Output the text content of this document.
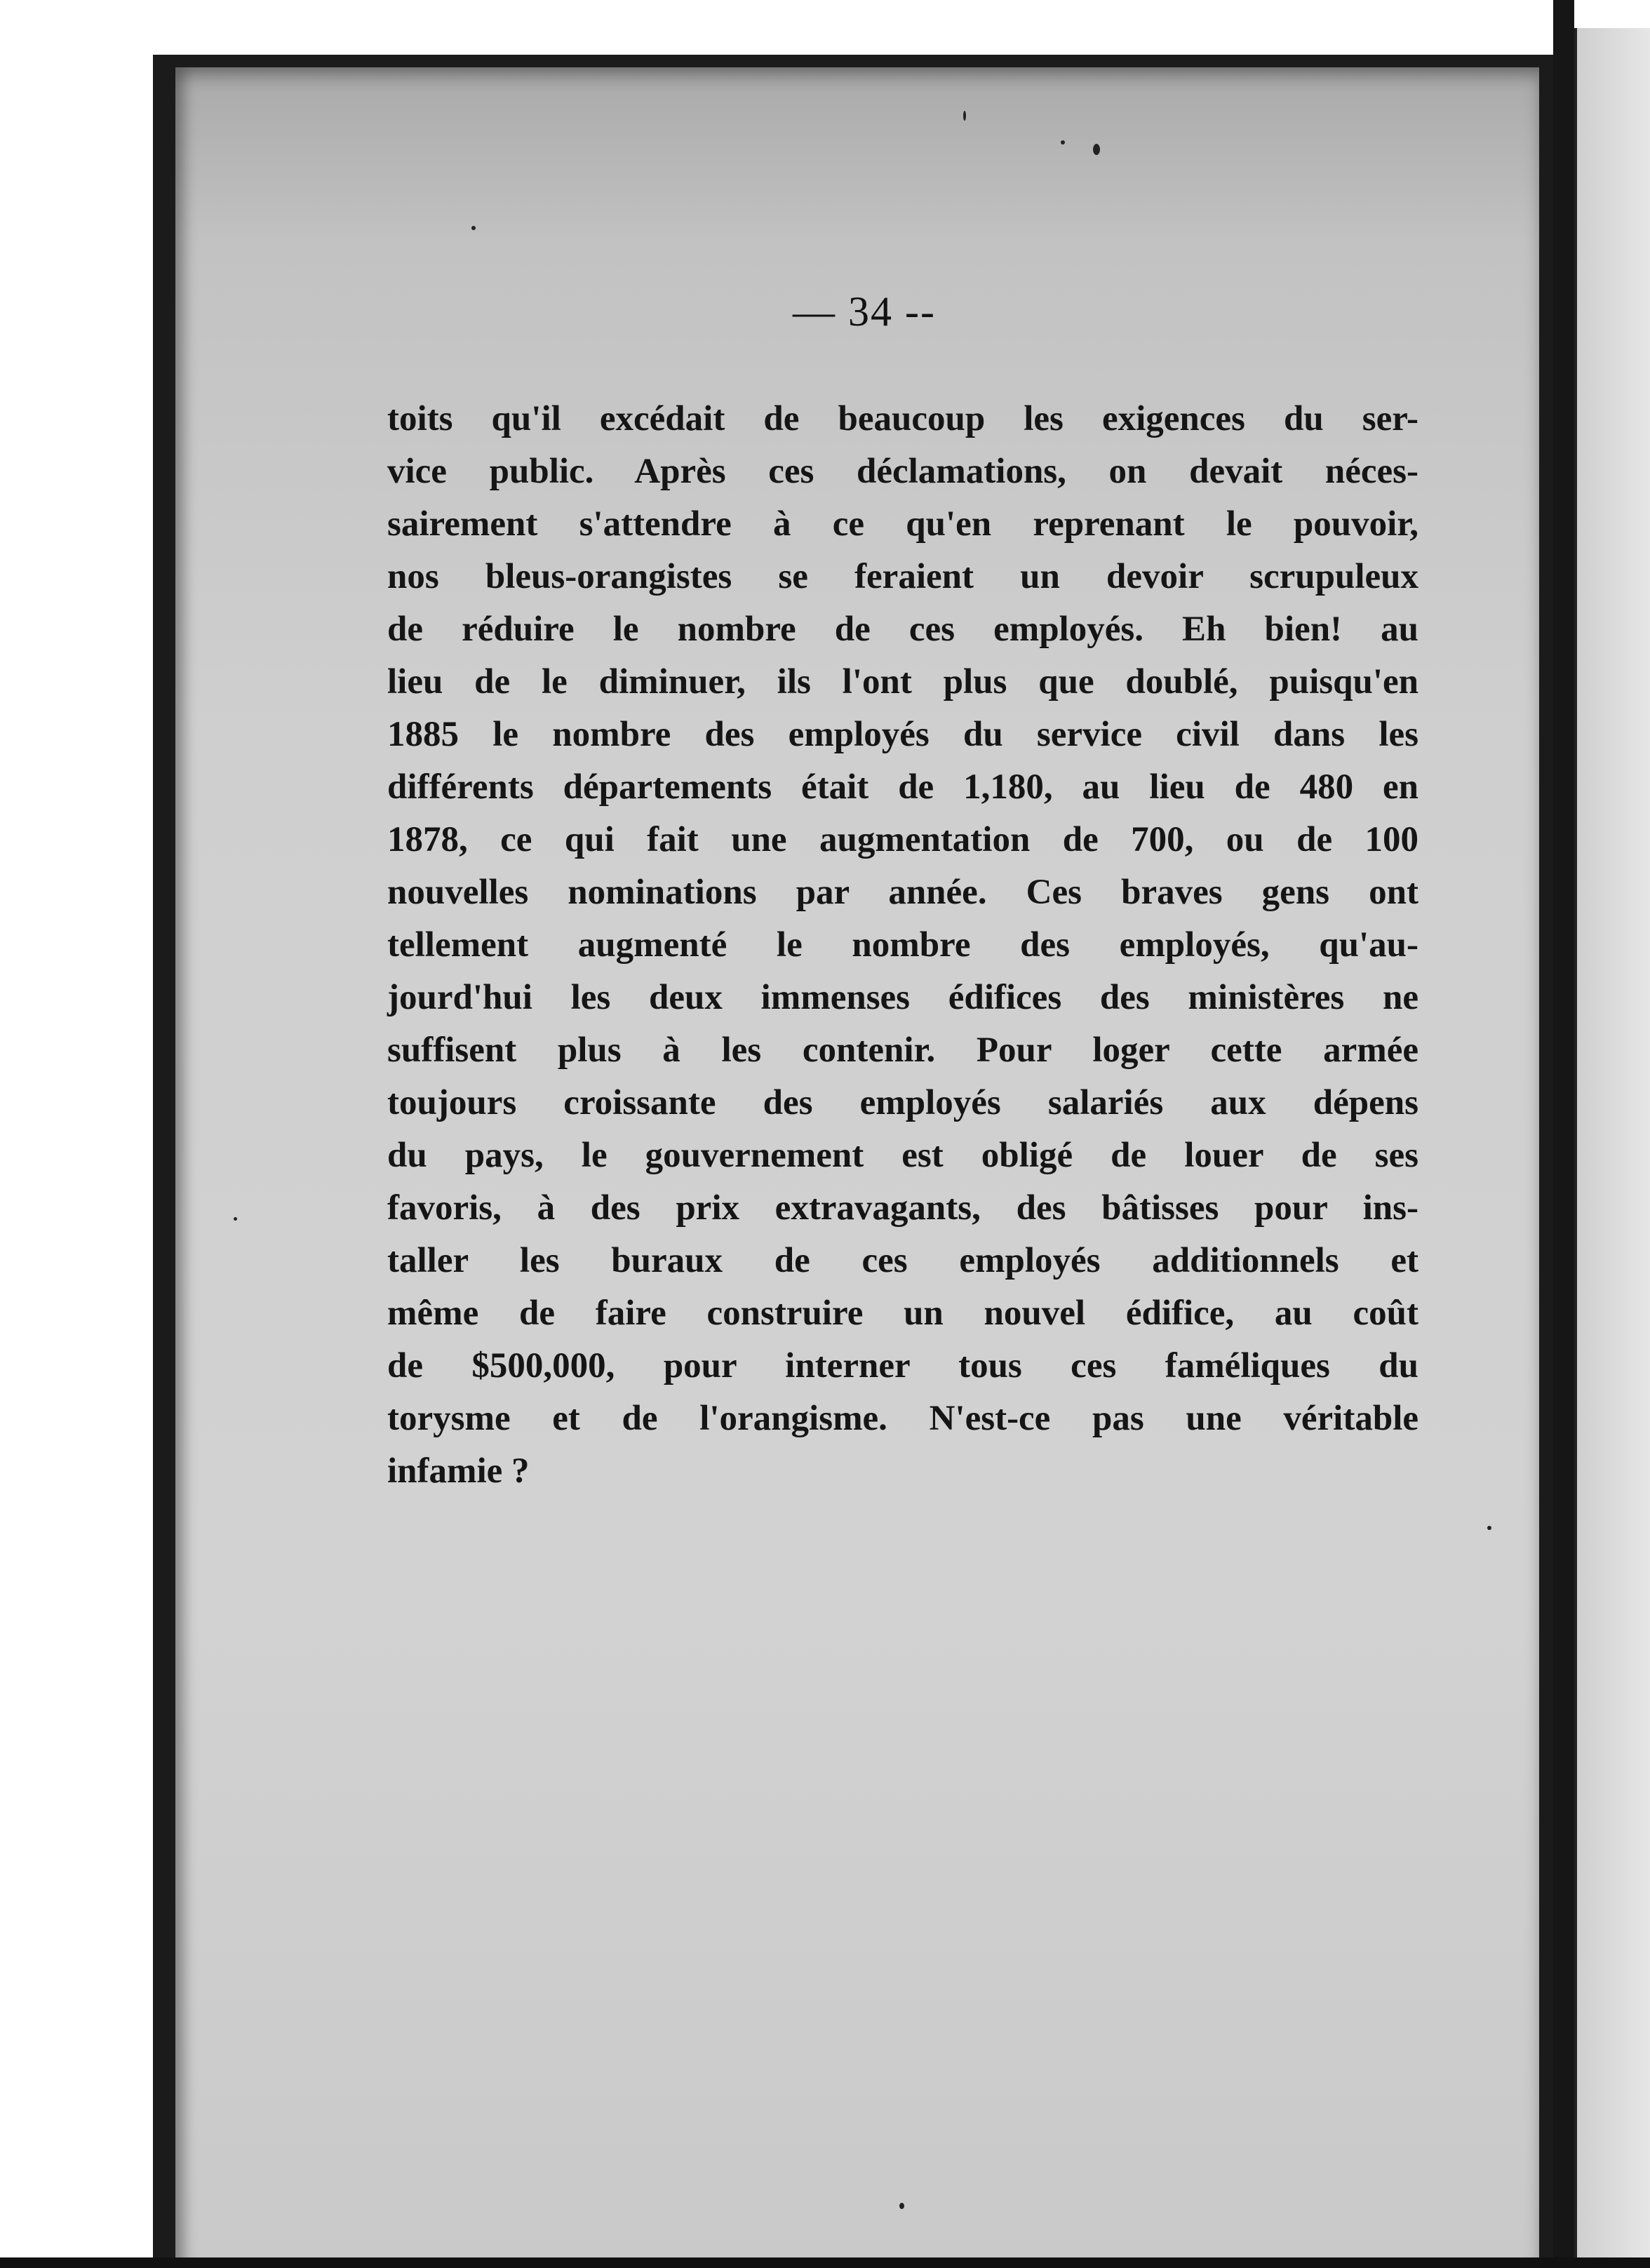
— 34 --
toits qu'il excédait de beaucoup les exigences du ser-
vice public. Après ces déclamations, on devait néces-
sairement s'attendre à ce qu'en reprenant le pouvoir,
nos bleus-orangistes se feraient un devoir scrupuleux
de réduire le nombre de ces employés. Eh bien! au
lieu de le diminuer, ils l'ont plus que doublé, puisqu'en
1885 le nombre des employés du service civil dans les
différents départements était de 1,180, au lieu de 480 en
1878, ce qui fait une augmentation de 700, ou de 100
nouvelles nominations par année. Ces braves gens ont
tellement augmenté le nombre des employés, qu'au-
jourd'hui les deux immenses édifices des ministères ne
suffisent plus à les contenir. Pour loger cette armée
toujours croissante des employés salariés aux dépens
du pays, le gouvernement est obligé de louer de ses
favoris, à des prix extravagants, des bâtisses pour ins-
taller les buraux de ces employés additionnels et
même de faire construire un nouvel édifice, au coût
de $500,000, pour interner tous ces faméliques du
torysme et de l'orangisme. N'est-ce pas une véritable
infamie ?
